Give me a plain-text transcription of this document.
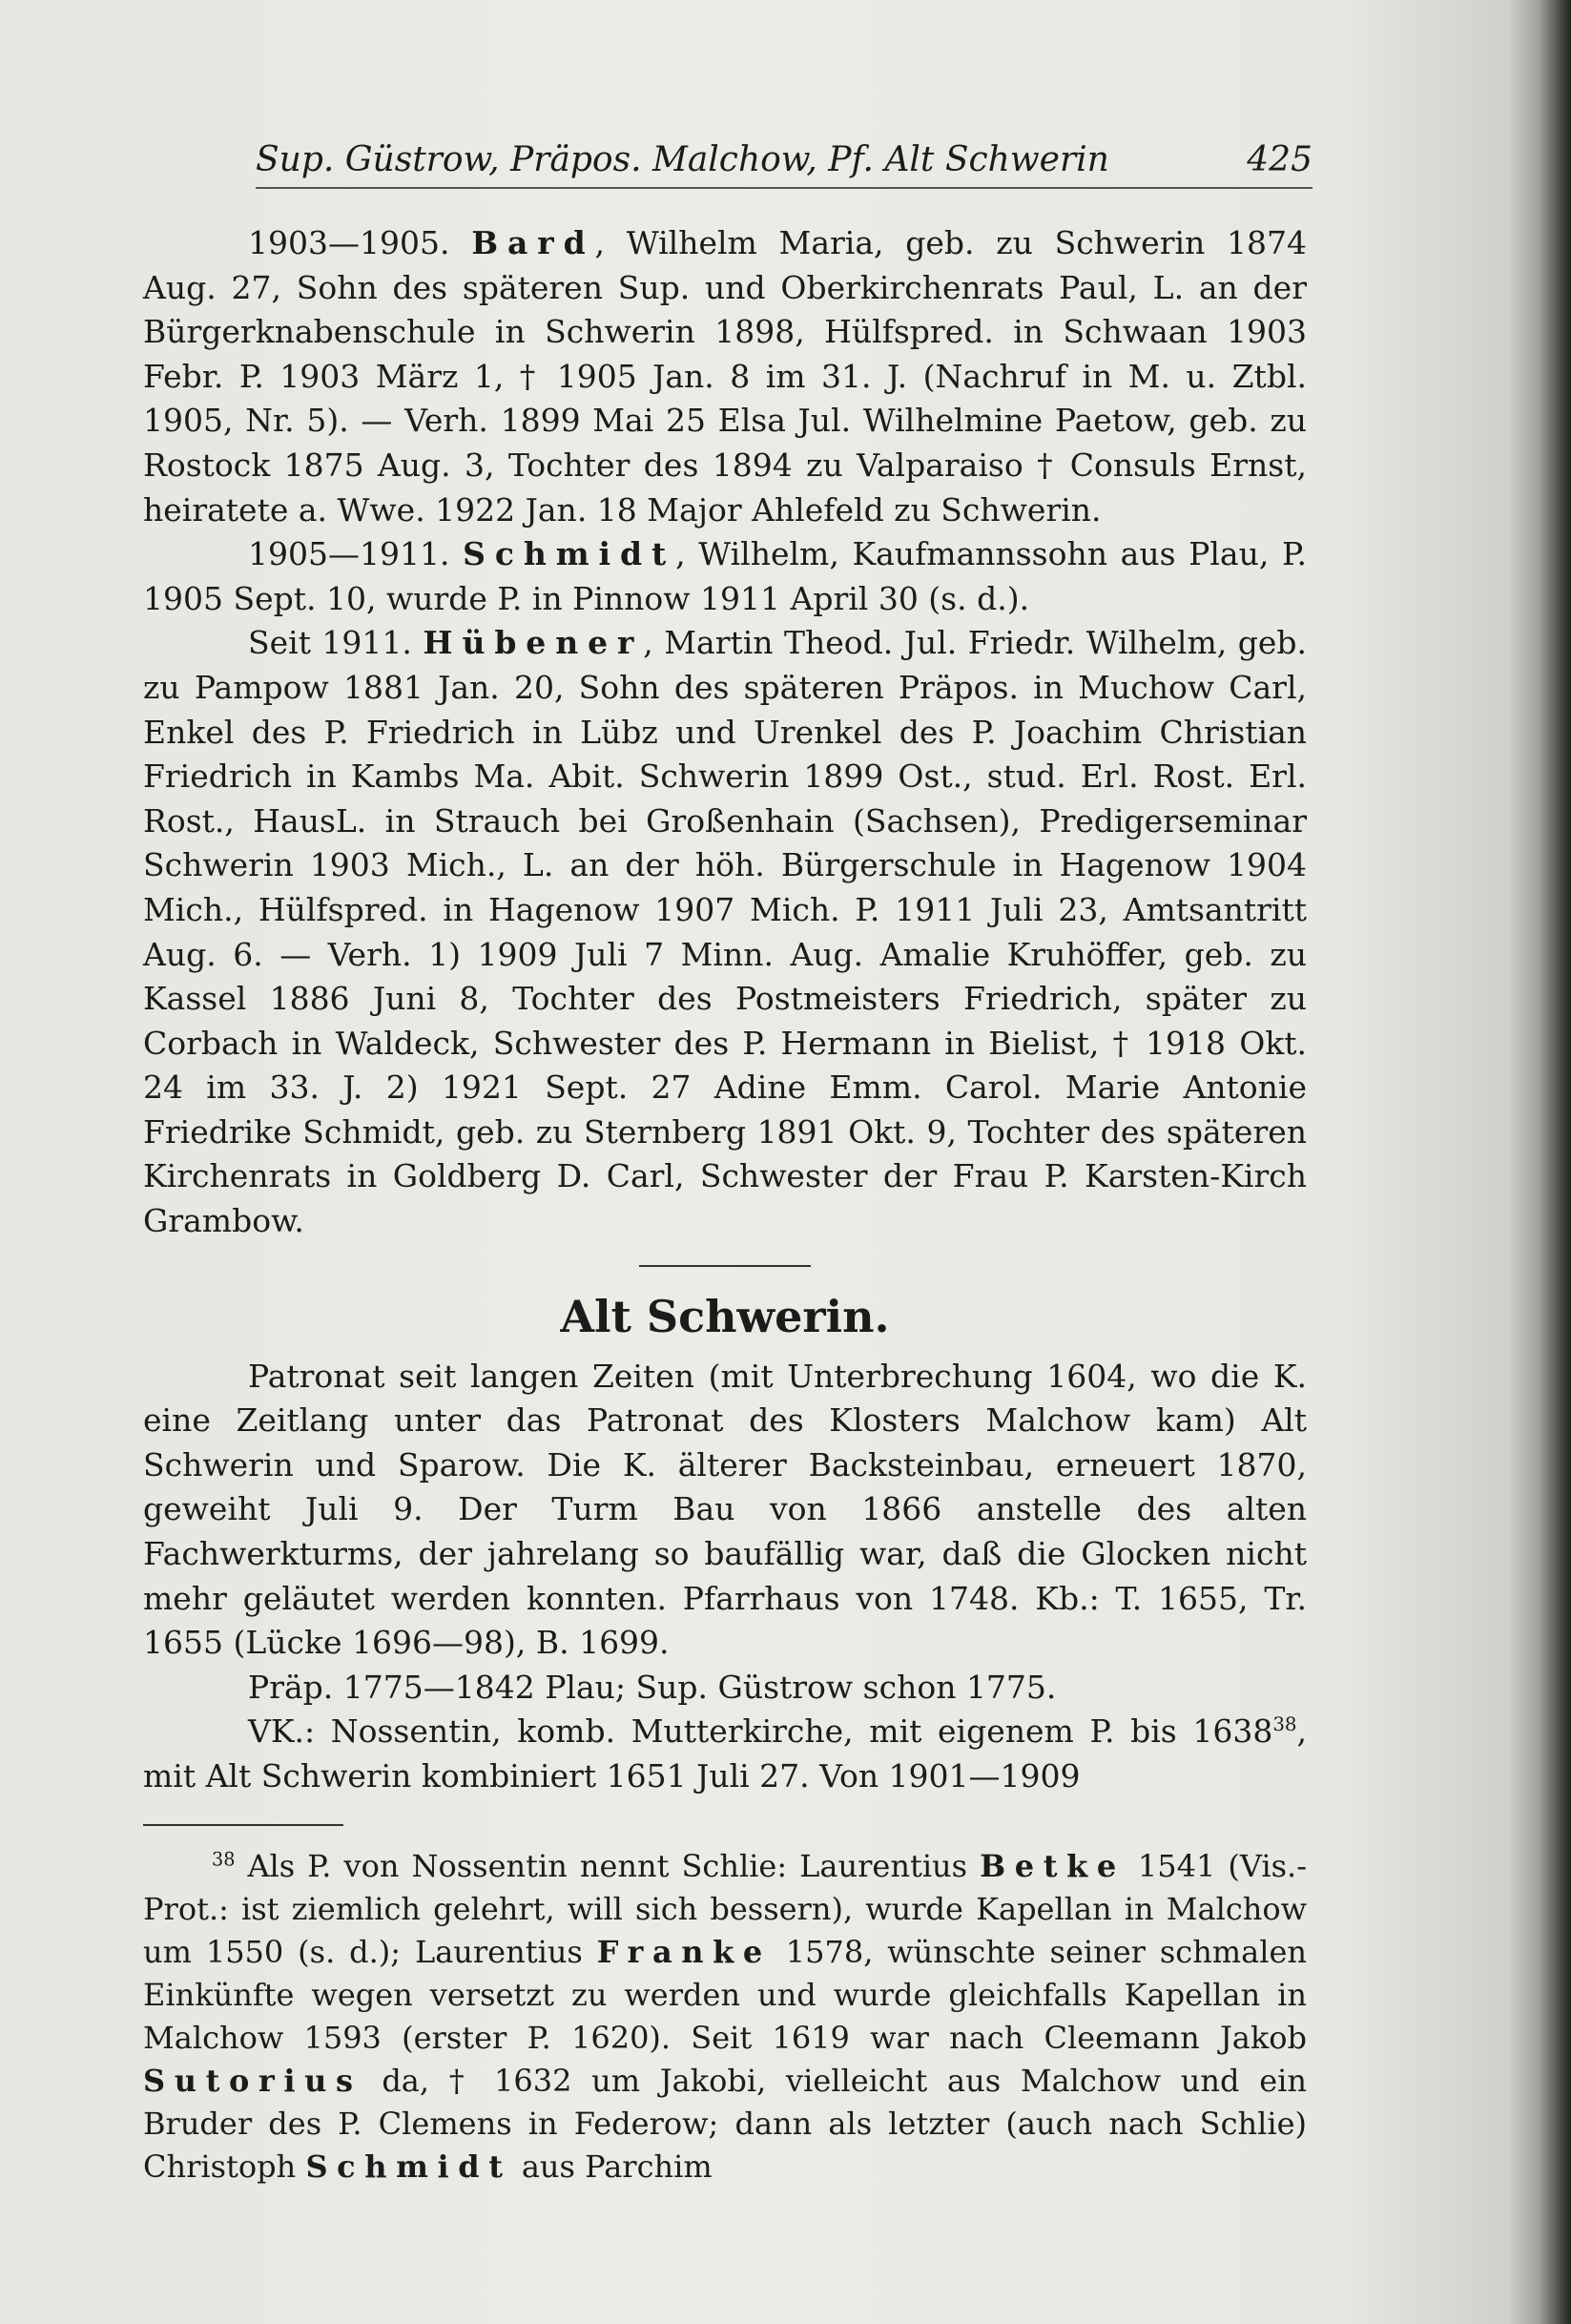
Sup. Güstrow, Präpos. Malchow, Pf. Alt Schwerin	425

1903—1905. Bard, Wilhelm Maria, geb. zu Schwerin 1874 Aug. 27, Sohn des späteren Sup. und Oberkirchenrats Paul, L. an der Bürgerknabenschule in Schwerin 1898, Hülfspred. in Schwaan 1903 Febr. P. 1903 März 1, † 1905 Jan. 8 im 31. J. (Nachruf in M. u. Ztbl. 1905, Nr. 5). — Verh. 1899 Mai 25 Elsa Jul. Wilhelmine Paetow, geb. zu Rostock 1875 Aug. 3, Tochter des 1894 zu Valparaiso † Consuls Ernst, heiratete a. Wwe. 1922 Jan. 18 Major Ahlefeld zu Schwerin.

1905—1911. Schmidt, Wilhelm, Kaufmannssohn aus Plau, P. 1905 Sept. 10, wurde P. in Pinnow 1911 April 30 (s. d.).

Seit 1911. Hübener, Martin Theod. Jul. Friedr. Wilhelm, geb. zu Pampow 1881 Jan. 20, Sohn des späteren Präpos. in Muchow Carl, Enkel des P. Friedrich in Lübz und Urenkel des P. Joachim Christian Friedrich in Kambs Ma. Abit. Schwerin 1899 Ost., stud. Erl. Rost. Erl. Rost., HausL. in Strauch bei Großenhain (Sachsen), Predigerseminar Schwerin 1903 Mich., L. an der höh. Bürgerschule in Hagenow 1904 Mich., Hülfspred. in Hagenow 1907 Mich. P. 1911 Juli 23, Amtsantritt Aug. 6. — Verh. 1) 1909 Juli 7 Minn. Aug. Amalie Kruhöffer, geb. zu Kassel 1886 Juni 8, Tochter des Postmeisters Friedrich, später zu Corbach in Waldeck, Schwester des P. Hermann in Bielist, † 1918 Okt. 24 im 33. J. 2) 1921 Sept. 27 Adine Emm. Carol. Marie Antonie Friedrike Schmidt, geb. zu Sternberg 1891 Okt. 9, Tochter des späteren Kirchenrats in Goldberg D. Carl, Schwester der Frau P. Karsten-Kirch Grambow.

Alt Schwerin.

Patronat seit langen Zeiten (mit Unterbrechung 1604, wo die K. eine Zeitlang unter das Patronat des Klosters Malchow kam) Alt Schwerin und Sparow. Die K. älterer Backsteinbau, erneuert 1870, geweiht Juli 9. Der Turm Bau von 1866 anstelle des alten Fachwerkturms, der jahrelang so baufällig war, daß die Glocken nicht mehr geläutet werden konnten. Pfarrhaus von 1748. Kb.: T. 1655, Tr. 1655 (Lücke 1696—98), B. 1699.

Präp. 1775—1842 Plau; Sup. Güstrow schon 1775.

VK.: Nossentin, komb. Mutterkirche, mit eigenem P. bis 1638$^{38}$, mit Alt Schwerin kombiniert 1651 Juli 27. Von 1901—1909

$^{38}$ Als P. von Nossentin nennt Schlie: Laurentius Betke 1541 (Vis.-Prot.: ist ziemlich gelehrt, will sich bessern), wurde Kapellan in Malchow um 1550 (s. d.); Laurentius Franke 1578, wünschte seiner schmalen Einkünfte wegen versetzt zu werden und wurde gleichfalls Kapellan in Malchow 1593 (erster P. 1620). Seit 1619 war nach Cleemann Jakob Sutorius da, † 1632 um Jakobi, vielleicht aus Malchow und ein Bruder des P. Clemens in Federow; dann als letzter (auch nach Schlie) Christoph Schmidt aus Parchim
